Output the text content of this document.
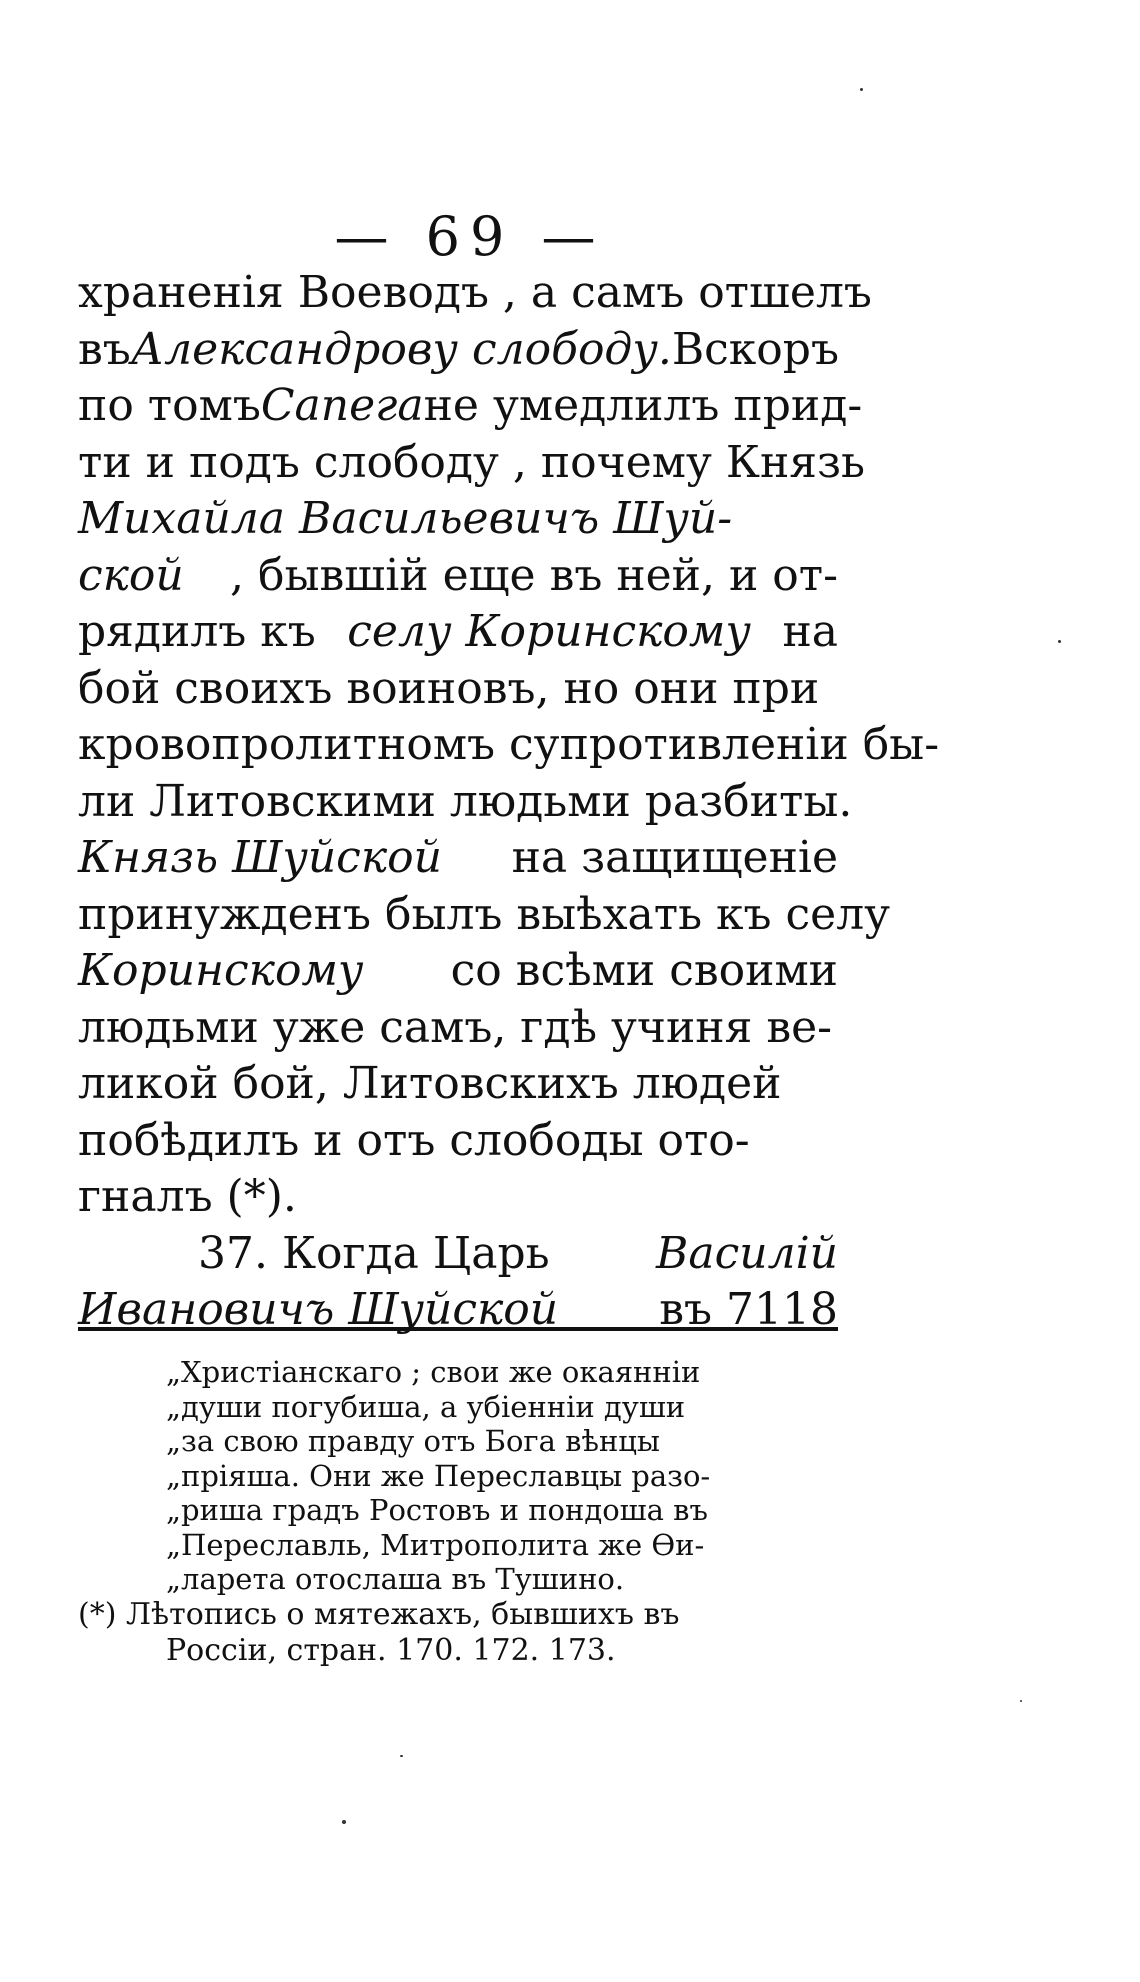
— 69 —
храненія Воеводъ , а самъ отшелъ
въ Александрову слободу. Вскоръ
по томъ Сапега не умедлилъ прид-
ти и подъ слободу , почему Князь
Михайла Васильевичъ Шуй-
ской , бывшій еще въ ней, и от-
рядилъ къ селу Коринскому на
бой своихъ воиновъ, но они при
кровопролитномъ супротивленіи бы-
ли Литовскими людьми разбиты.
Князь Шуйской на защищеніе
принужденъ былъ выѣхать къ селу
Коринскому со всѣми своими
людьми уже самъ, гдѣ учиня ве-
ликой бой, Литовскихъ людей
побѣдилъ и отъ слободы ото-
гналъ (*).
37. Когда Царь Василій
Ивановичъ Шуйской въ 7118
„Христіанскаго ; свои же окаянніи
„души погубиша, а убіенніи души
„за свою правду отъ Бога вѣнцы
„пріяша. Они же Переславцы разо-
„риша градъ Ростовъ и пондоша въ
„Переславль, Митрополита же Ѳи-
„ларета отослаша въ Тушино.
(*) Лѣтопись о мятежахъ, бывшихъ въ
Россіи, стран. 170. 172. 173.
